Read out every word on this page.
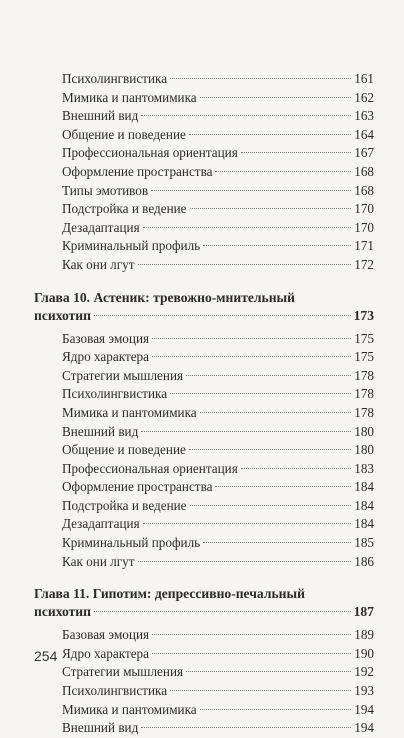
Психолингвистика	161
Мимика и пантомимика	162
Внешний вид	163
Общение и поведение	164
Профессиональная ориентация	167
Оформление пространства	168
Типы эмотивов	168
Подстройка и ведение	170
Дезадаптация	170
Криминальный профиль	171
Как они лгут	172
Глава 10. Астеник: тревожно-мнительный
психотип	173
Базовая эмоция	175
Ядро характера	175
Стратегии мышления	178
Психолингвистика	178
Мимика и пантомимика	178
Внешний вид	180
Общение и поведение	180
Профессиональная ориентация	183
Оформление пространства	184
Подстройка и ведение	184
Дезадаптация	184
Криминальный профиль	185
Как они лгут	186
Глава 11. Гипотим: депрессивно-печальный
психотип	187
Базовая эмоция	189
Ядро характера	190
Стратегии мышления	192
Психолингвистика	193
Мимика и пантомимика	194
Внешний вид	194
254
